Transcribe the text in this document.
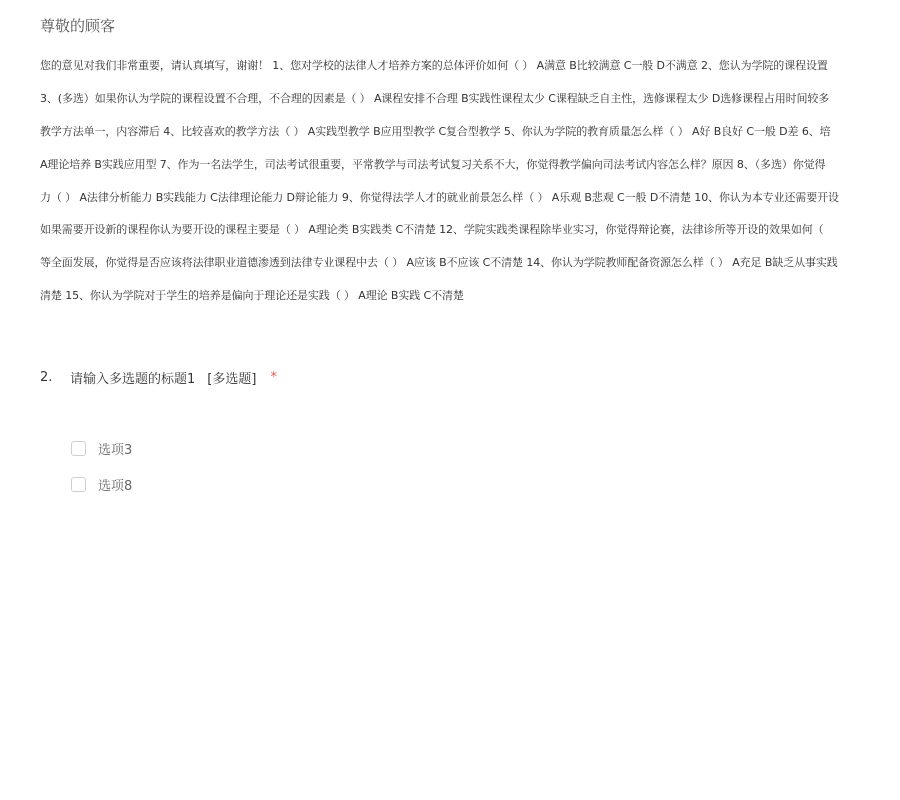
尊敬的顾客
您的意见对我们非常重要，请认真填写，谢谢！ 1、您对学校的法律人才培养方案的总体评价如何（ ） A满意 B比较满意 C一般 D不满意 2、您认为学院的课程设置
3、(多选）如果你认为学院的课程设置不合理，不合理的因素是（ ） A课程安排不合理 B实践性课程太少 C课程缺乏自主性，选修课程太少 D选修课程占用时间较多
教学方法单一，内容滞后 4、比较喜欢的教学方法（ ） A实践型教学 B应用型教学 C复合型教学 5、你认为学院的教育质量怎么样（ ） A好 B良好 C一般 D差 6、培
A理论培养 B实践应用型 7、作为一名法学生，司法考试很重要，平常教学与司法考试复习关系不大，你觉得教学偏向司法考试内容怎么样？原因 8、（多选）你觉得
力（ ） A法律分析能力 B实践能力 C法律理论能力 D辩论能力 9、你觉得法学人才的就业前景怎么样（ ） A乐观 B悲观 C一般 D不清楚 10、你认为本专业还需要开设
如果需要开设新的课程你认为要开设的课程主要是（ ） A理论类 B实践类 C不清楚 12、学院实践类课程除毕业实习，你觉得辩论赛，法律诊所等开设的效果如何（
等全面发展，你觉得是否应该将法律职业道德渗透到法律专业课程中去（ ） A应该 B不应该 C不清楚 14、你认为学院教师配备资源怎么样（ ） A充足 B缺乏从事实践
清楚 15、你认为学院对于学生的培养是偏向于理论还是实践（ ） A理论 B实践 C不清楚
2.	请输入多选题的标题1 [多选题] *
选项3
选项8
